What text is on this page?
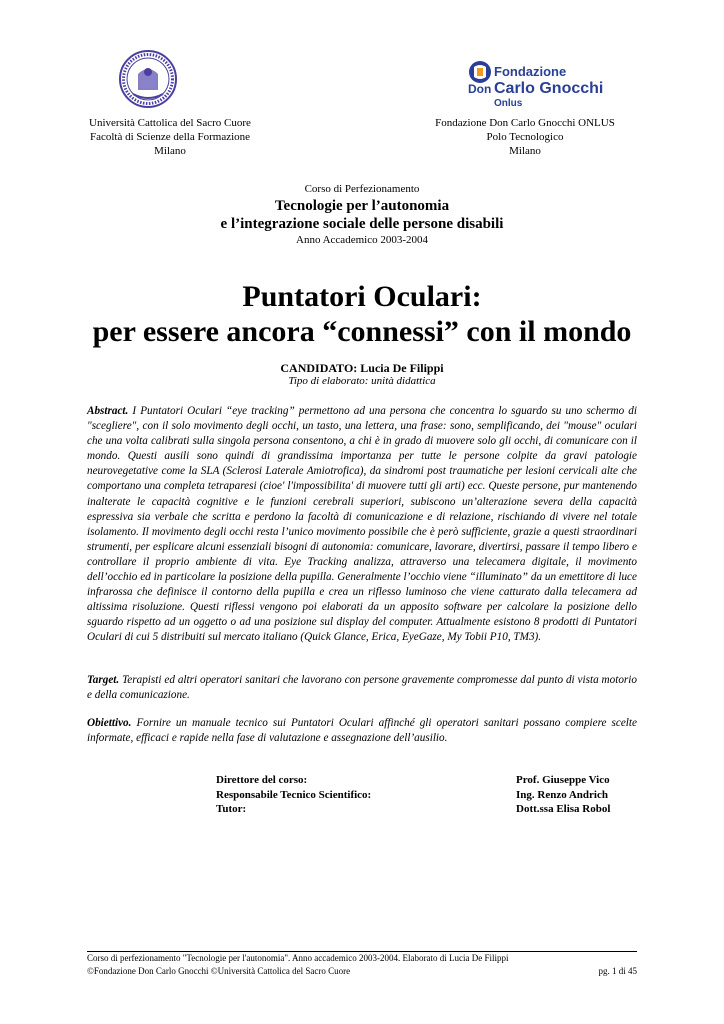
Fondazione
Don Carlo Gnocchi
Onlus
Università Cattolica del Sacro Cuore
Facoltà di Scienze della Formazione
Milano
Fondazione Don Carlo Gnocchi ONLUS
Polo Tecnologico
Milano
Corso di Perfezionamento
Tecnologie per l’autonomia
e l’integrazione sociale delle persone disabili
Anno Accademico 2003-2004
Puntatori Oculari:
per essere ancora “connessi” con il mondo
CANDIDATO: Lucia De Filippi
Tipo di elaborato: unità didattica
Abstract. I Puntatori Oculari “eye tracking” permettono ad una persona che concentra lo sguardo su uno schermo di "scegliere", con il solo movimento degli occhi, un tasto, una lettera, una frase: sono, semplificando, dei "mouse" oculari che una volta calibrati sulla singola persona consentono, a chi è in grado di muovere solo gli occhi, di comunicare con il mondo. Questi ausili sono quindi di grandissima importanza per tutte le persone colpite da gravi patologie neurovegetative come la SLA (Sclerosi Laterale Amiotrofica), da sindromi post traumatiche per lesioni cervicali alte che comportano una completa tetraparesi (cioe' l'impossibilita' di muovere tutti gli arti) ecc. Queste persone, pur mantenendo inalterate le capacità cognitive e le funzioni cerebrali superiori, subiscono un’alterazione severa della capacità espressiva sia verbale che scritta e perdono la facoltà di comunicazione e di relazione, rischiando di vivere nel totale isolamento. Il movimento degli occhi resta l’unico movimento possibile che è però sufficiente, grazie a questi straordinari strumenti, per esplicare alcuni essenziali bisogni di autonomia: comunicare, lavorare, divertirsi, passare il tempo libero e controllare il proprio ambiente di vita. Eye Tracking analizza, attraverso una telecamera digitale, il movimento dell’occhio ed in particolare la posizione della pupilla. Generalmente l’occhio viene “illuminato” da un emettitore di luce infrarossa che definisce il contorno della pupilla e crea un riflesso luminoso che viene catturato dalla telecamera ad altissima risoluzione. Questi riflessi vengono poi elaborati da un apposito software per calcolare la posizione dello sguardo rispetto ad un oggetto o ad una posizione sul display del computer. Attualmente esistono 8 prodotti di Puntatori Oculari di cui 5 distribuiti sul mercato italiano (Quick Glance, Erica, EyeGaze, My Tobii P10, TM3).
Target. Terapisti ed altri operatori sanitari che lavorano con persone gravemente compromesse dal punto di vista motorio e della comunicazione.
Obiettivo. Fornire un manuale tecnico sui Puntatori Oculari affinché gli operatori sanitari possano compiere scelte informate, efficaci e rapide nella fase di valutazione e assegnazione dell’ausilio.
Direttore del corso:
Responsabile Tecnico Scientifico:
Tutor:
Prof. Giuseppe Vico
Ing. Renzo Andrich
Dott.ssa Elisa Robol
Corso di perfezionamento "Tecnologie per l'autonomia". Anno accademico 2003-2004. Elaborato di Lucia De Filippi
©Fondazione Don Carlo Gnocchi ©Università Cattolica del Sacro Cuore	pg. 1 di 45
